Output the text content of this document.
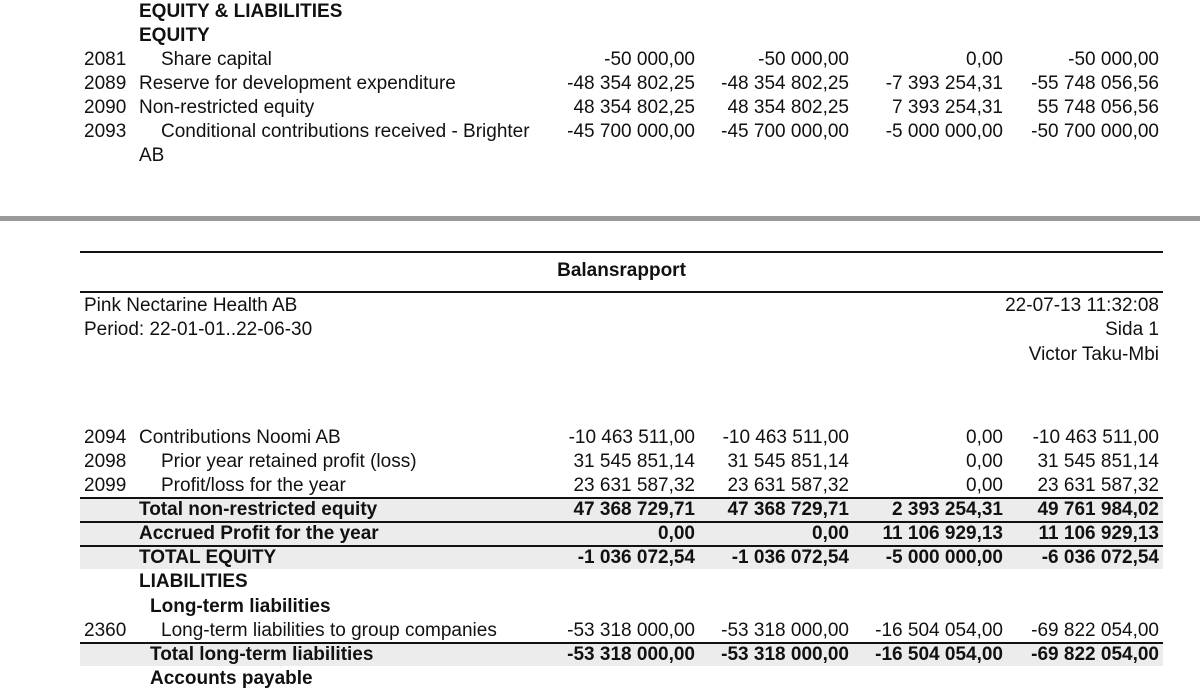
EQUITY & LIABILITIES
EQUITY
2081 Share capital	-50 000,00	-50 000,00	0,00	-50 000,00
2089 Reserve for development expenditure	-48 354 802,25 -48 354 802,25	-7 393 254,31 -55 748 056,56
2090 Non-restricted equity	48 354 802,25	48 354 802,25	7 393 254,31	55 748 056,56
2093 Conditional contributions received - Brighter
AB
-45 700 000,00 -45 700 000,00	-5 000 000,00 -50 700 000,00
Balansrapport
Pink Nectarine Health AB
Period: 22-01-01..22-06-30
22-07-13 11:32:08
Sida 1
Victor Taku-Mbi
2094 Contributions Noomi AB	-10 463 511,00 -10 463 511,00	0,00	-10 463 511,00
2098 Prior year retained profit (loss)	31 545 851,14	31 545 851,14	0,00	31 545 851,14
2099 Profit/loss for the year	23 631 587,32	23 631 587,32	0,00	23 631 587,32
Total non-restricted equity	47 368 729,71	47 368 729,71	2 393 254,31	49 761 984,02
Accrued Profit for the year	0,00	0,00	11 106 929,13	11 106 929,13
TOTAL EQUITY	-1 036 072,54	-1 036 072,54	-5 000 000,00	-6 036 072,54
LIABILITIES
Long-term liabilities
2360 Long-term liabilities to group companies	-53 318 000,00 -53 318 000,00 -16 504 054,00 -69 822 054,00
Total long-term liabilities	-53 318 000,00 -53 318 000,00 -16 504 054,00 -69 822 054,00
Accounts payable
